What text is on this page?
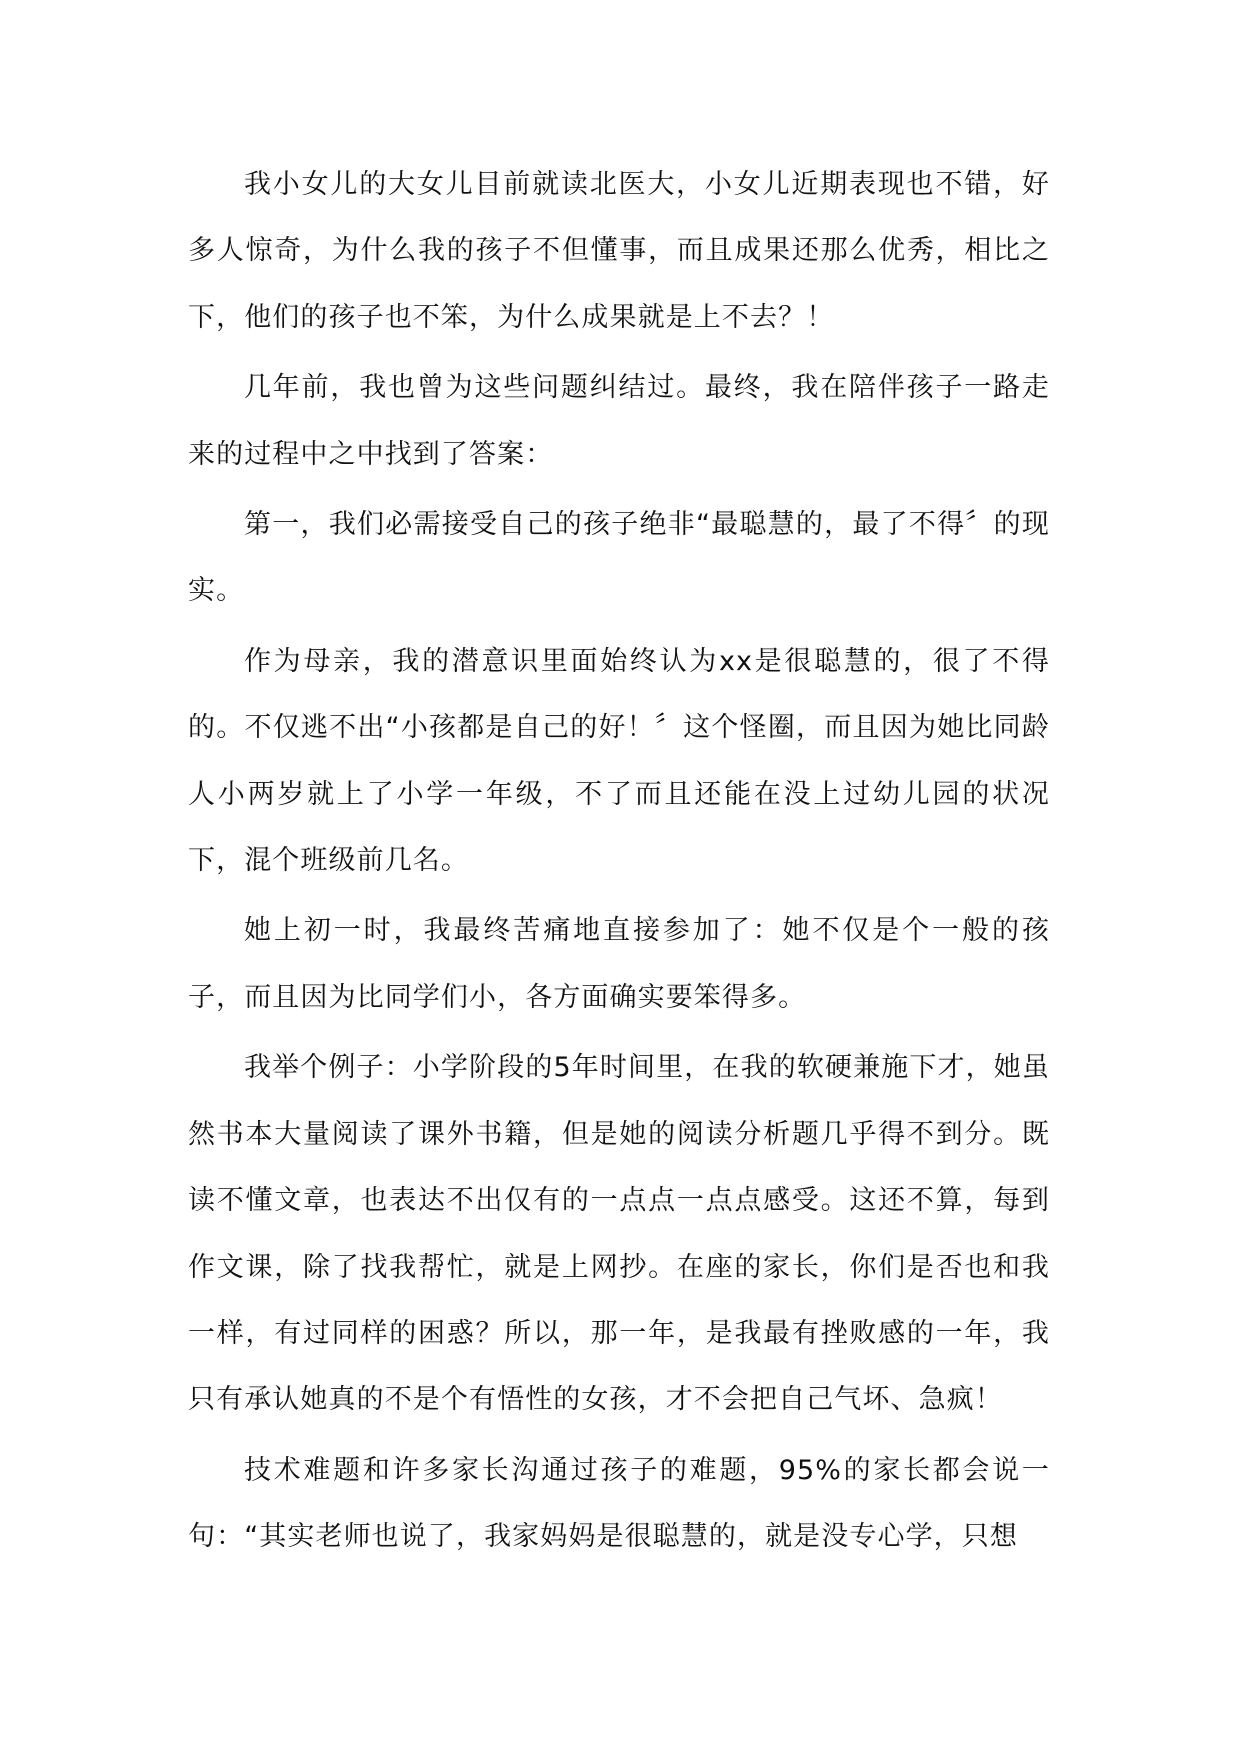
我小女儿的大女儿目前就读北医大，小女儿近期表现也不错，好多人惊奇，为什么我的孩子不但懂事，而且成果还那么优秀，相比之下，他们的孩子也不笨，为什么成果就是上不去？！

几年前，我也曾为这些问题纠结过。最终，我在陪伴孩子一路走来的过程中之中找到了答案：

第一，我们必需接受自己的孩子绝非“最聪慧的，最了不得〞的现实。

作为母亲，我的潜意识里面始终认为xx是很聪慧的，很了不得的。不仅逃不出“小孩都是自己的好！〞这个怪圈，而且因为她比同龄人小两岁就上了小学一年级，不了而且还能在没上过幼儿园的状况下，混个班级前几名。

她上初一时，我最终苦痛地直接参加了：她不仅是个一般的孩子，而且因为比同学们小，各方面确实要笨得多。

我举个例子：小学阶段的5年时间里，在我的软硬兼施下才，她虽然书本大量阅读了课外书籍，但是她的阅读分析题几乎得不到分。既读不懂文章，也表达不出仅有的一点点一点点感受。这还不算，每到作文课，除了找我帮忙，就是上网抄。在座的家长，你们是否也和我一样，有过同样的困惑？所以，那一年，是我最有挫败感的一年，我只有承认她真的不是个有悟性的女孩，才不会把自己气坏、急疯！

技术难题和许多家长沟通过孩子的难题，95%的家长都会说一句：“其实老师也说了，我家妈妈是很聪慧的，就是没专心学，只想
